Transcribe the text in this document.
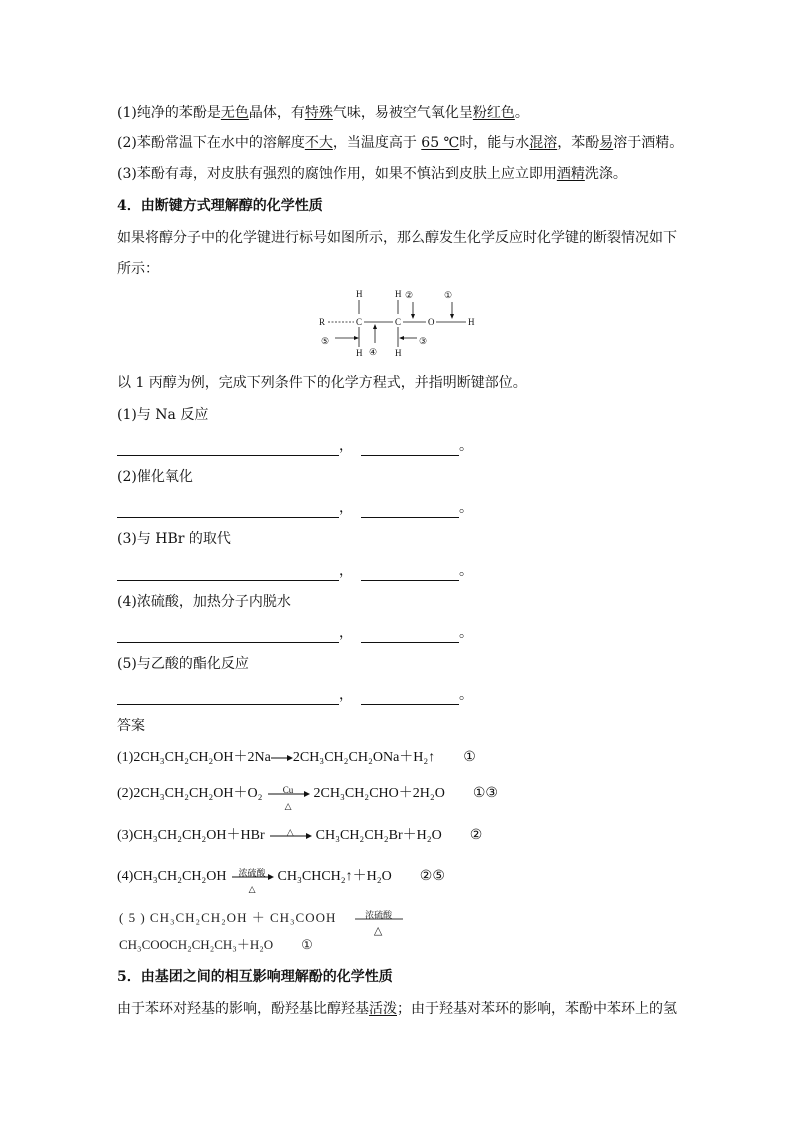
(1)纯净的苯酚是无色晶体，有特殊气味，易被空气氧化呈粉红色。
(2)苯酚常温下在水中的溶解度不大，当温度高于 65 ℃时，能与水混溶，苯酚易溶于酒精。
(3)苯酚有毒，对皮肤有强烈的腐蚀作用，如果不慎沾到皮肤上应立即用酒精洗涤。
4．由断键方式理解醇的化学性质
如果将醇分子中的化学键进行标号如图所示，那么醇发生化学反应时化学键的断裂情况如下
所示：
R
H
C
H
H
C
H
O	H
②	①
⑤
④
③
以 1 丙醇为例，完成下列条件下的化学方程式，并指明断键部位。
(1)与 Na 反应
，	。
(2)催化氧化
，	。
(3)与 HBr 的取代
，	。
(4)浓硫酸，加热分子内脱水
，	。
(5)与乙酸的酯化反应
，	。
答案
(1)2CH₃CH₂CH₂OH＋2Na→2CH₃CH₂CH₂ONa＋H₂↑ ①
(2)2CH₃CH₂CH₂OH＋O₂	Cu
△
2CH₃CH₂CHO＋2H₂O ①③
(3)CH₃CH₂CH₂OH＋HBr	△	CH₃CH₂CH₂Br＋H₂O ②
(4)CH₃CH₂CH₂OH	浓硫酸
△
CH₃CHCH₂↑＋H₂O ②⑤
( 5 ) CH₃CH₂CH₂OH ＋ CH₃COOH	浓硫酸
△
CH₃COOCH₂CH₂CH₃＋H₂O ①
5．由基团之间的相互影响理解酚的化学性质
由于苯环对羟基的影响，酚羟基比醇羟基活泼；由于羟基对苯环的影响，苯酚中苯环上的氢
